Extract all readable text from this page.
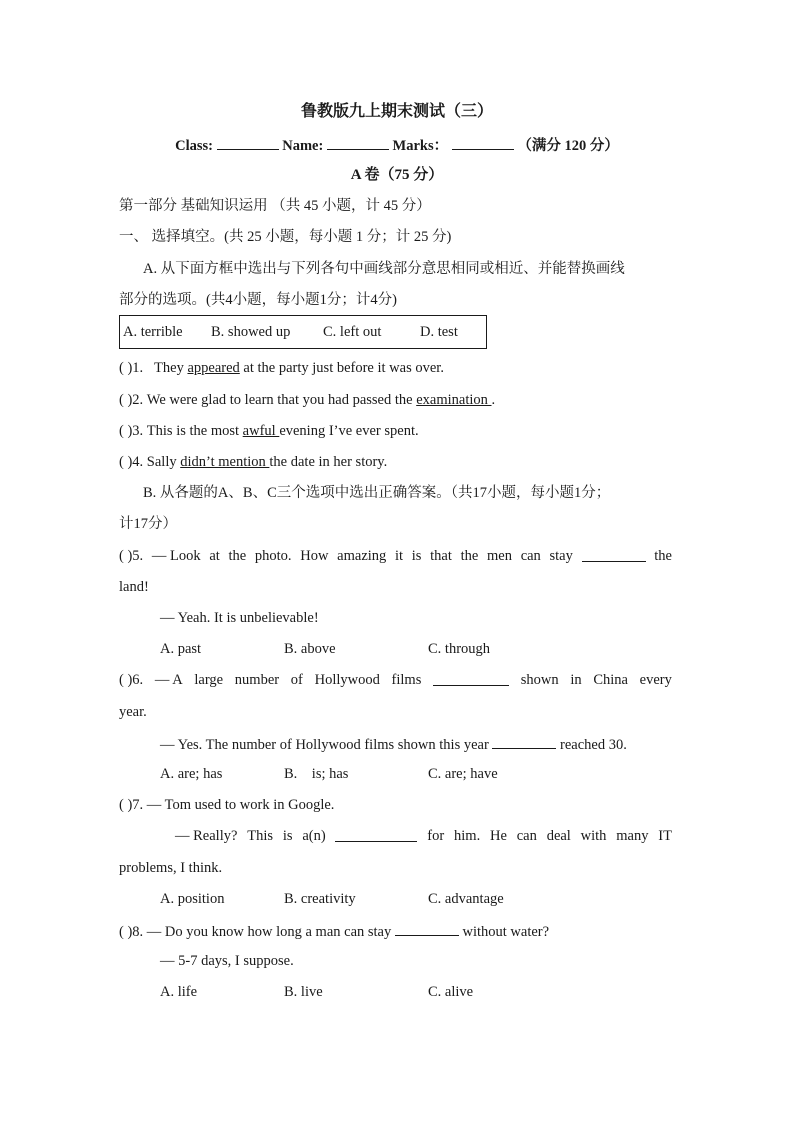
鲁教版九上期末测试（三）
Class:	Name:	Marks：	（满分 120 分）
A 卷（75 分）
第一部分 基础知识运用 （共 45 小题，计 45 分）
一、 选择填空。(共 25 小题，每小题 1 分；计 25 分)
A. 从下面方框中选出与下列各句中画线部分意思相同或相近、并能替换画线
部分的选项。(共4小题，每小题1分；计4分)
A. terrible B. showed up C. left out	D. test
( )1. They appeared at the party just before it was over.
( )2. We were glad to learn that you had passed the examination .
( )3. This is the most awful evening I’ve ever spent.
( )4. Sally didn’t mention the date in her story.
B. 从各题的A、B、C三个选项中选出正确答案。（共17小题，每小题1分；
计17分）
( )5. — Look at the photo. How amazing it is that the men can stay	the
land!
— Yeah. It is unbelievable!
A. past	B. above	C. through
( )6. — A large number of Hollywood films	shown in China every
year.
— Yes. The number of Hollywood films shown this year	reached 30.
A. are; has	B.    is; has	C. are; have
( )7. — Tom used to work in Google.
— Really? This is a(n)	for him. He can deal with many IT
problems, I think.
A. position	B. creativity	C. advantage
( )8. — Do you know how long a man can stay	without water?
— 5-7 days, I suppose.
A. life	B. live	C. alive
